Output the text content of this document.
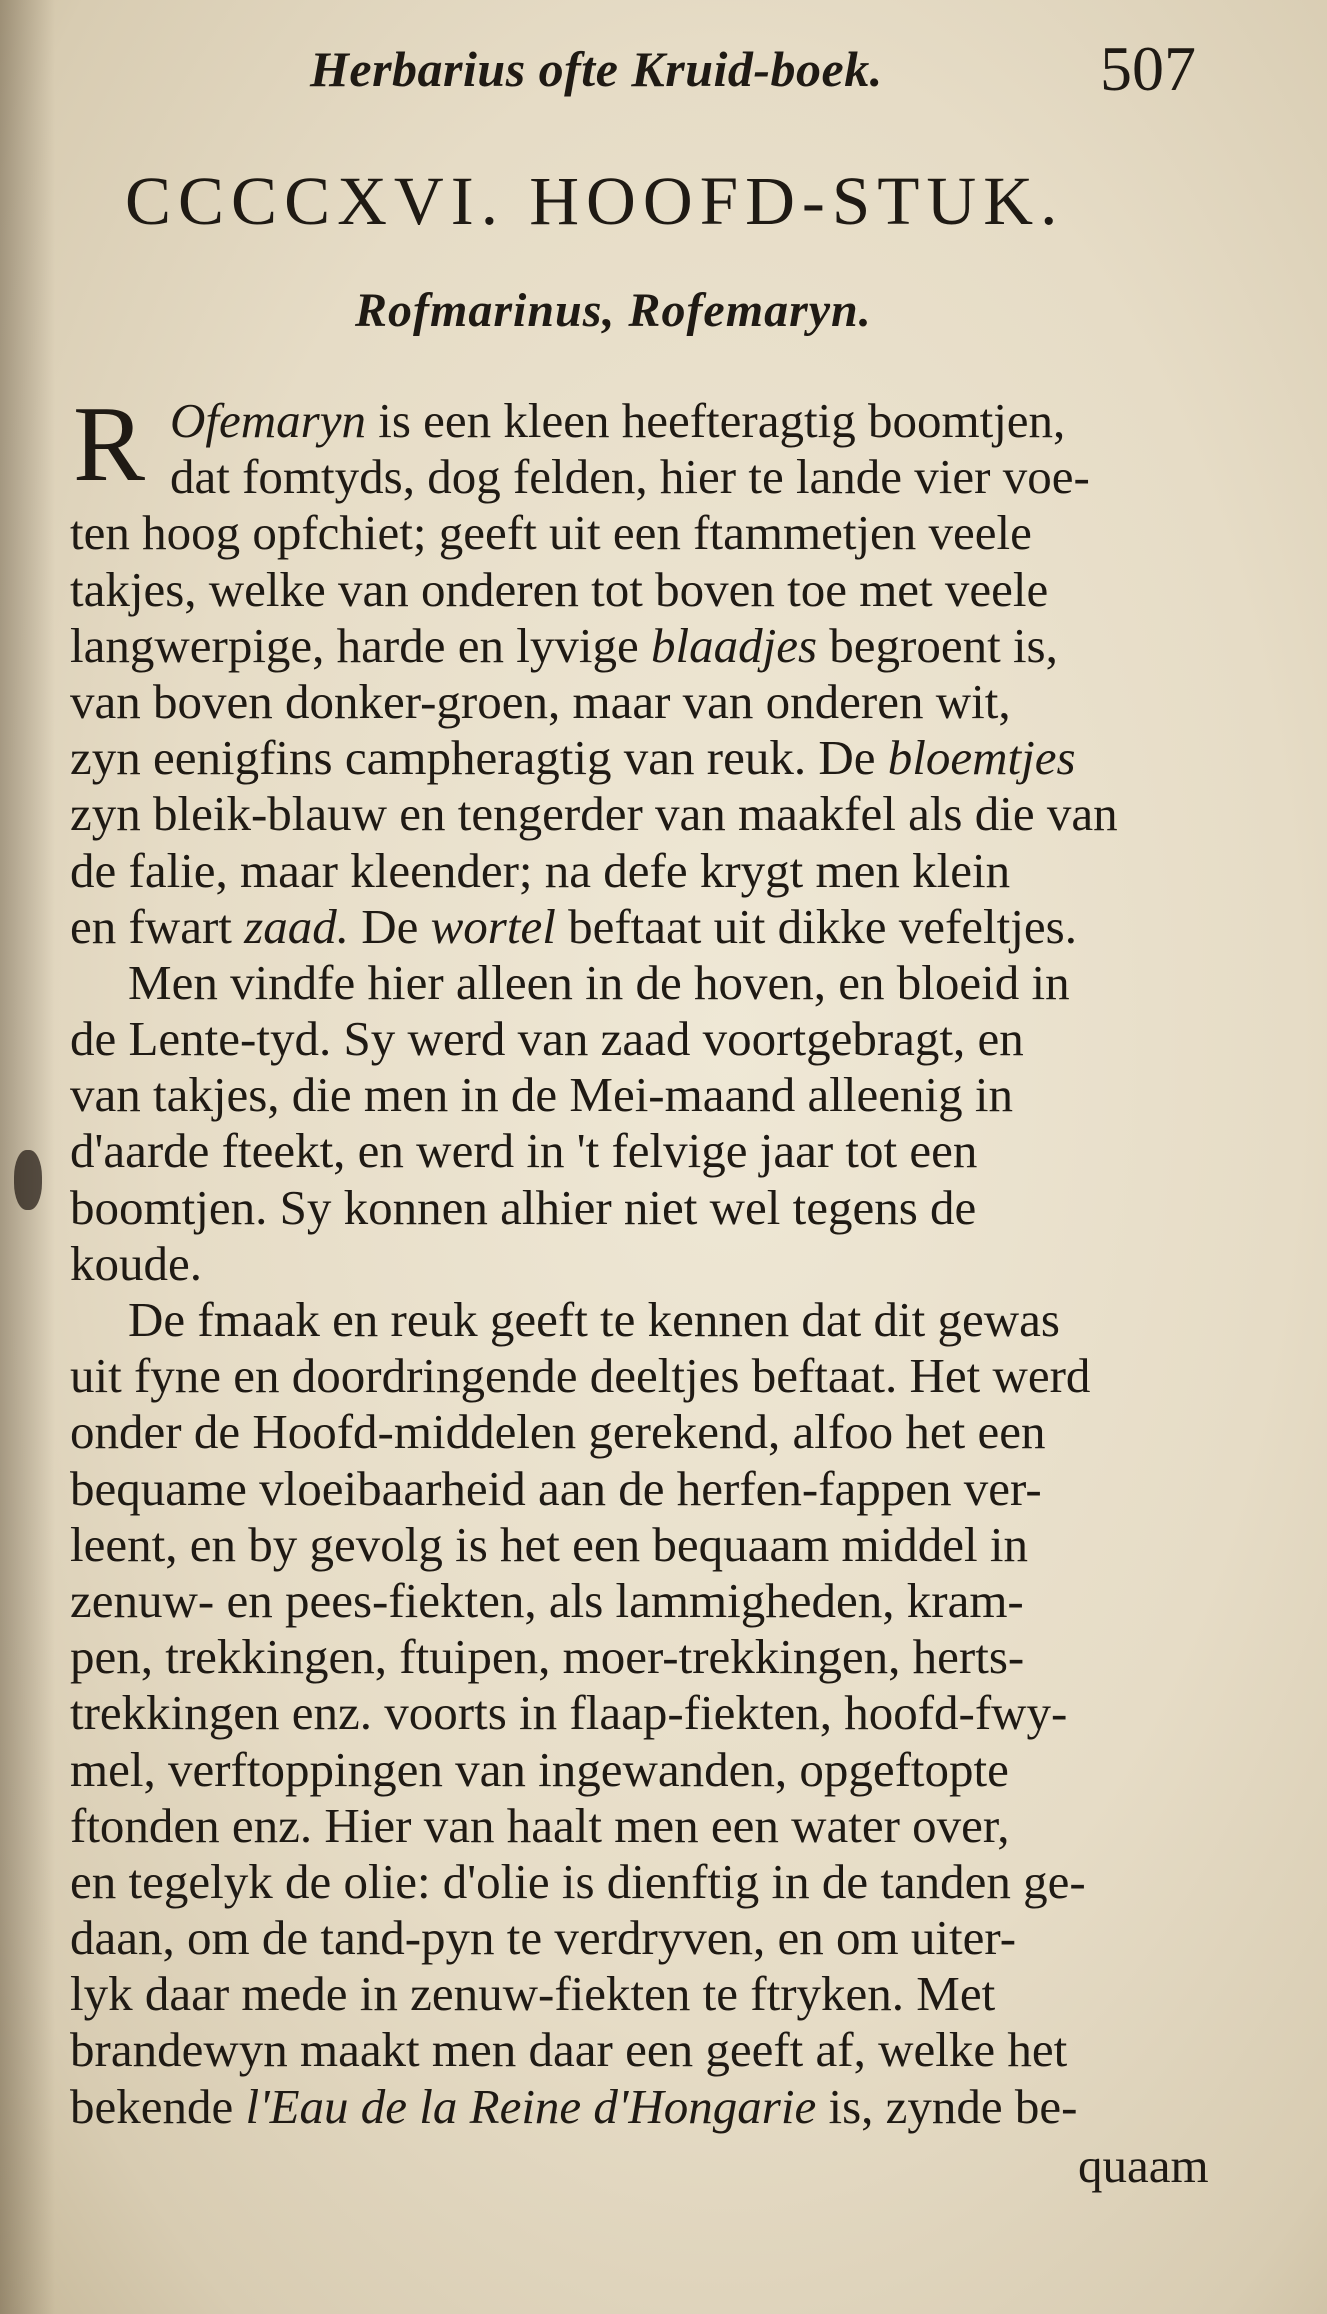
Herbarius ofte Kruid-boek.	507
CCCCXVI. HOOFD-STUK.
Rofmarinus, Rofemaryn.
R Ofemaryn is een kleen heefteragtig boomtjen,
dat fomtyds, dog felden, hier te lande vier voe-
ten hoog opfchiet; geeft uit een ftammetjen veele
takjes, welke van onderen tot boven toe met veele
langwerpige, harde en lyvige blaadjes begroent is,
van boven donker-groen, maar van onderen wit,
zyn eenigfins campheragtig van reuk. De bloemtjes
zyn bleik-blauw en tengerder van maakfel als die van
de falie, maar kleender; na defe krygt men klein
en fwart zaad. De wortel beftaat uit dikke vefeltjes.
Men vindfe hier alleen in de hoven, en bloeid in
de Lente-tyd. Sy werd van zaad voortgebragt, en
van takjes, die men in de Mei-maand alleenig in
d'aarde fteekt, en werd in 't felvige jaar tot een
boomtjen. Sy konnen alhier niet wel tegens de
koude.
De fmaak en reuk geeft te kennen dat dit gewas
uit fyne en doordringende deeltjes beftaat. Het werd
onder de Hoofd-middelen gerekend, alfoo het een
bequame vloeibaarheid aan de herfen-fappen ver-
leent, en by gevolg is het een bequaam middel in
zenuw- en pees-fiekten, als lammigheden, kram-
pen, trekkingen, ftuipen, moer-trekkingen, herts-
trekkingen enz. voorts in flaap-fiekten, hoofd-fwy-
mel, verftoppingen van ingewanden, opgeftopte
ftonden enz. Hier van haalt men een water over,
en tegelyk de olie: d'olie is dienftig in de tanden ge-
daan, om de tand-pyn te verdryven, en om uiter-
lyk daar mede in zenuw-fiekten te ftryken. Met
brandewyn maakt men daar een geeft af, welke het
bekende l'Eau de la Reine d'Hongarie is, zynde be-
quaam
